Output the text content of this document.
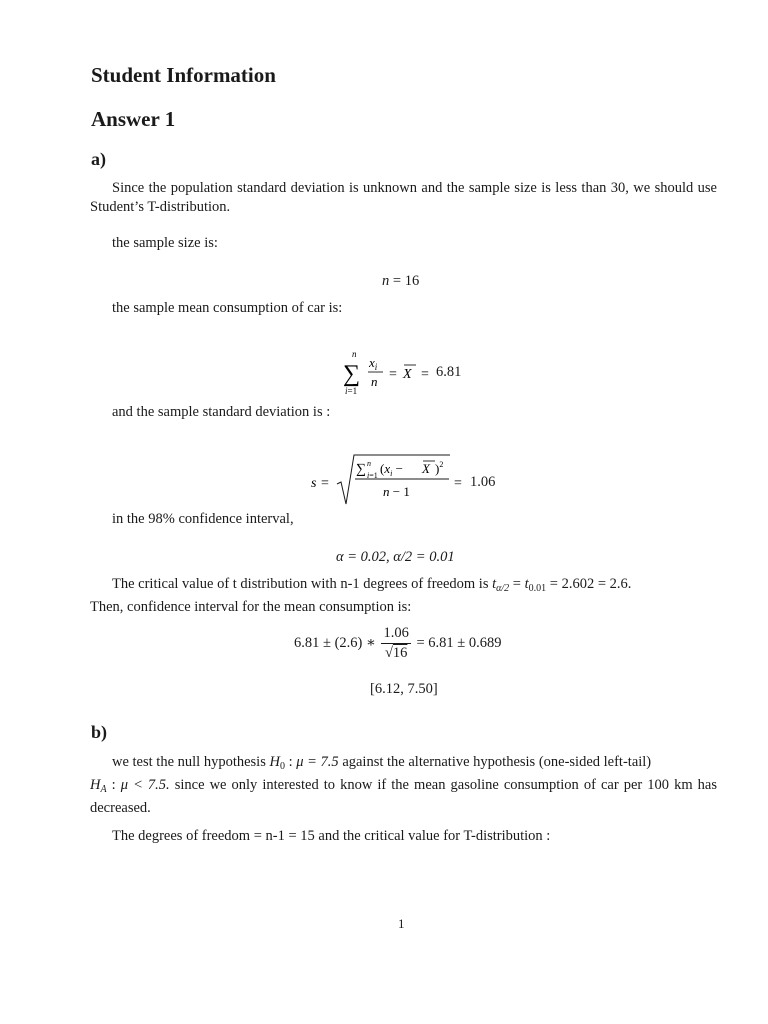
Student Information
Answer 1
a)
Since the population standard deviation is unknown and the sample size is less than 30, we should use Student’s T-distribution.
the sample size is:
n = 16
the sample mean consumption of car is:
n
∑
i=1
$x_i$
n = X = 6.81
and the sample standard deviation is :
s =
∑ n
i=1 ($x_i - X$ )$^2$
n − 1
= 1.06
in the 98% confidence interval,
α = 0.02, α/2 = 0.01
The critical value of t distribution with n-1 degrees of freedom is $t_{\alpha/2} = t_{0.01} = 2.602 = 2.6$.
Then, confidence interval for the mean consumption is:
6.81 ± (2.6) ∗ $\frac{1.06}{√16} = 6.81 \pm 0.689$
[6.12, 7.50]
b)
we test the null hypothesis $H_0$ : μ = 7.5 against the alternative hypothesis (one-sided left-tail)
$H_A$ : μ < 7.5. since we only interested to know if the mean gasoline consumption of car per 100 km has decreased.
The degrees of freedom = n-1 = 15 and the critical value for T-distribution :
1
